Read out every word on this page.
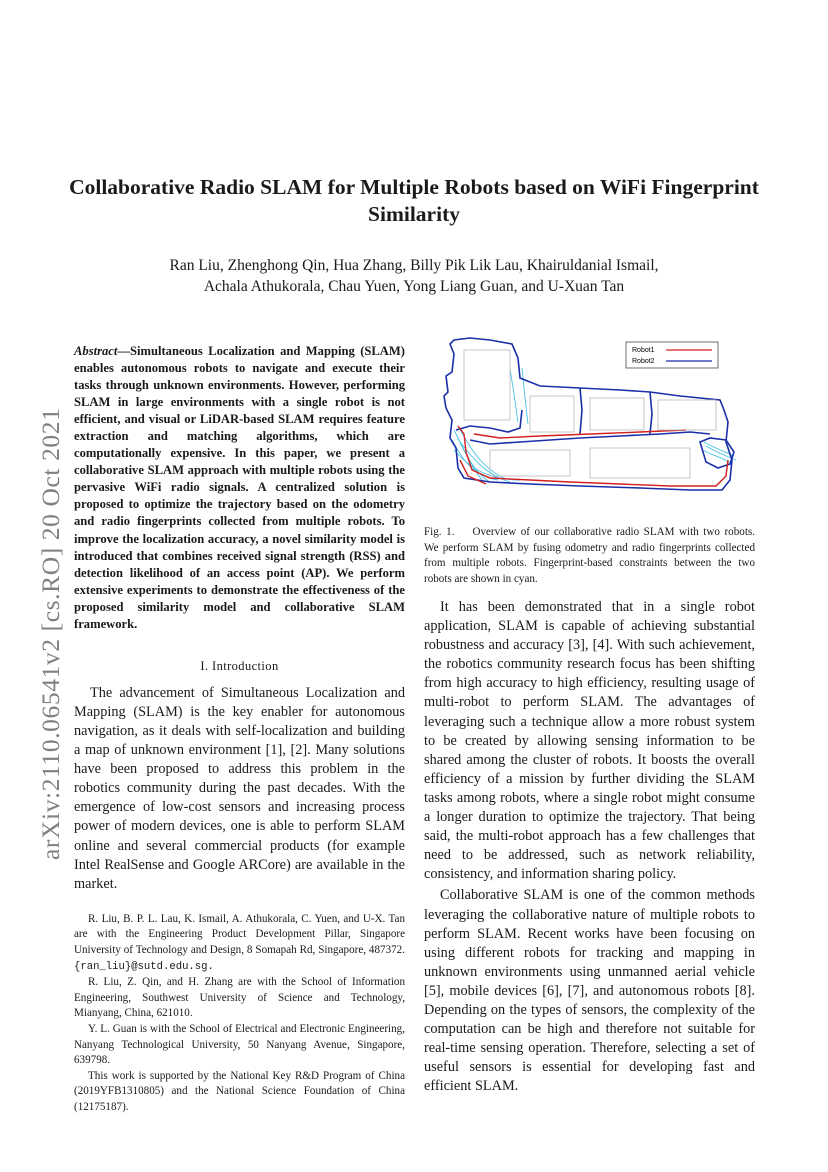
arXiv:2110.06541v2 [cs.RO] 20 Oct 2021
Collaborative Radio SLAM for Multiple Robots based on WiFi Fingerprint Similarity
Ran Liu, Zhenghong Qin, Hua Zhang, Billy Pik Lik Lau, Khairuldanial Ismail,
Achala Athukorala, Chau Yuen, Yong Liang Guan, and U-Xuan Tan

Abstract—Simultaneous Localization and Mapping (SLAM) enables autonomous robots to navigate and execute their tasks through unknown environments. However, performing SLAM in large environments with a single robot is not efficient, and visual or LiDAR-based SLAM requires feature extraction and matching algorithms, which are computationally expensive. In this paper, we present a collaborative SLAM approach with multiple robots using the pervasive WiFi radio signals. A centralized solution is proposed to optimize the trajectory based on the odometry and radio fingerprints collected from multiple robots. To improve the localization accuracy, a novel similarity model is introduced that combines received signal strength (RSS) and detection likelihood of an access point (AP). We perform extensive experiments to demonstrate the effectiveness of the proposed similarity model and collaborative SLAM framework.

I. Introduction

The advancement of Simultaneous Localization and Mapping (SLAM) is the key enabler for autonomous navigation, as it deals with self-localization and building a map of unknown environment [1], [2]. Many solutions have been proposed to address this problem in the robotics community during the past decades. With the emergence of low-cost sensors and increasing process power of modern devices, one is able to perform SLAM online and several commercial products (for example Intel RealSense and Google ARCore) are available in the market.

R. Liu, B. P. L. Lau, K. Ismail, A. Athukorala, C. Yuen, and U-X. Tan are with the Engineering Product Development Pillar, Singapore University of Technology and Design, 8 Somapah Rd, Singapore, 487372. {ran_liu}@sutd.edu.sg.

R. Liu, Z. Qin, and H. Zhang are with the School of Information Engineering, Southwest University of Science and Technology, Mianyang, China, 621010.

Y. L. Guan is with the School of Electrical and Electronic Engineering, Nanyang Technological University, 50 Nanyang Avenue, Singapore, 639798.

This work is supported by the National Key R&D Program of China (2019YFB1310805) and the National Science Foundation of China (12175187).

Robot1
Robot2
Fig. 1. Overview of our collaborative radio SLAM with two robots. We perform SLAM by fusing odometry and radio fingerprints collected from multiple robots. Fingerprint-based constraints between the two robots are shown in cyan.

It has been demonstrated that in a single robot application, SLAM is capable of achieving substantial robustness and accuracy [3], [4]. With such achievement, the robotics community research focus has been shifting from high accuracy to high efficiency, resulting usage of multi-robot to perform SLAM. The advantages of leveraging such a technique allow a more robust system to be created by allowing sensing information to be shared among the cluster of robots. It boosts the overall efficiency of a mission by further dividing the SLAM tasks among robots, where a single robot might consume a longer duration to optimize the trajectory. That being said, the multi-robot approach has a few challenges that need to be addressed, such as network reliability, consistency, and information sharing policy.

Collaborative SLAM is one of the common methods leveraging the collaborative nature of multiple robots to perform SLAM. Recent works have been focusing on using different robots for tracking and mapping in unknown environments using unmanned aerial vehicle [5], mobile devices [6], [7], and autonomous robots [8]. Depending on the types of sensors, the complexity of the computation can be high and therefore not suitable for real-time sensing operation. Therefore, selecting a set of useful sensors is essential for developing fast and efficient SLAM.
